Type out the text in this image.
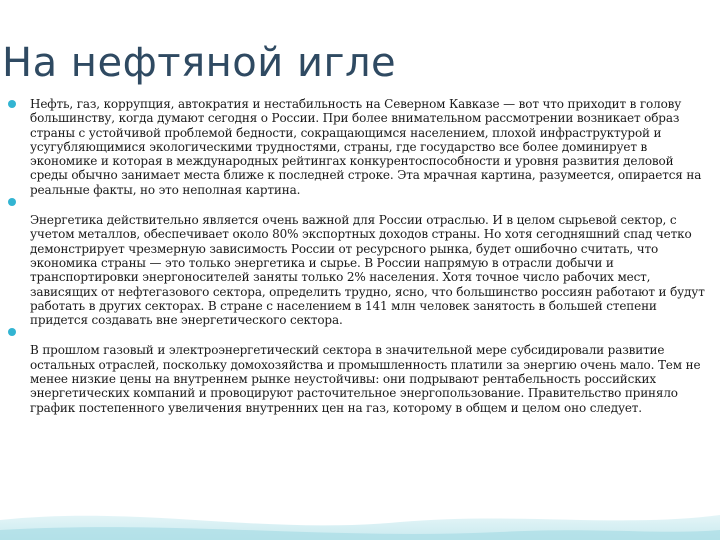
На нефтяной игле

Нефть, газ, коррупция, автократия и нестабильность на Северном Кавказе — вот что приходит в голову большинству, когда думают сегодня о России. При более внимательном рассмотрении возникает образ страны с устойчивой проблемой бедности, сокращающимся населением, плохой инфраструктурой и усугубляющимися экологическими трудностями, страны, где государство все более доминирует в экономике и которая в международных рейтингах конкурентоспособности и уровня развития деловой среды обычно занимает места ближе к последней строке. Эта мрачная картина, разумеется, опирается на реальные факты, но это неполная картина.

Энергетика действительно является очень важной для России отраслью. И в целом сырьевой сектор, с учетом металлов, обеспечивает около 80% экспортных доходов страны. Но хотя сегодняшний спад четко демонстрирует чрезмерную зависимость России от ресурсного рынка, будет ошибочно считать, что экономика страны — это только энергетика и сырье. В России напрямую в отрасли добычи и транспортировки энергоносителей заняты только 2% населения. Хотя точное число рабочих мест, зависящих от нефтегазового сектора, определить трудно, ясно, что большинство россиян работают и будут работать в других секторах. В стране с населением в 141 млн человек занятость в большей степени придется создавать вне энергетического сектора.

В прошлом газовый и электроэнергетический сектора в значительной мере субсидировали развитие остальных отраслей, поскольку домохозяйства и промышленность платили за энергию очень мало. Тем не менее низкие цены на внутреннем рынке неустойчивы: они подрывают рентабельность российских энергетических компаний и провоцируют расточительное энергопользование. Правительство приняло график постепенного увеличения внутренних цен на газ, которому в общем и целом оно следует.
